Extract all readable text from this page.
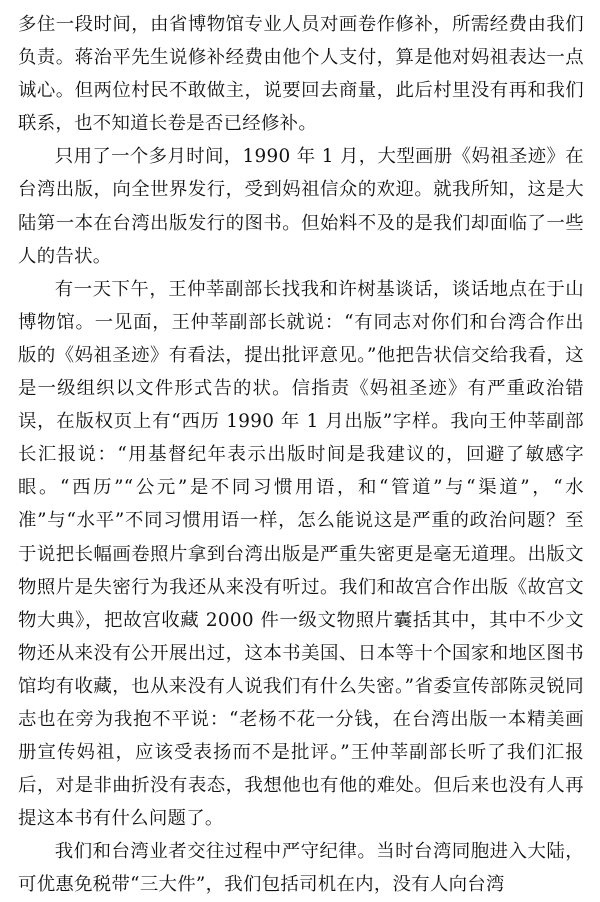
多住一段时间，由省博物馆专业人员对画卷作修补，所需经费由我们负责。蒋治平先生说修补经费由他个人支付，算是他对妈祖表达一点诚心。但两位村民不敢做主，说要回去商量，此后村里没有再和我们联系，也不知道长卷是否已经修补。

只用了一个多月时间，1990 年 1 月，大型画册《妈祖圣迹》在台湾出版，向全世界发行，受到妈祖信众的欢迎。就我所知，这是大陆第一本在台湾出版发行的图书。但始料不及的是我们却面临了一些人的告状。

有一天下午，王仲莘副部长找我和许树基谈话，谈话地点在于山博物馆。一见面，王仲莘副部长就说：“有同志对你们和台湾合作出版的《妈祖圣迹》有看法，提出批评意见。”他把告状信交给我看，这是一级组织以文件形式告的状。信指责《妈祖圣迹》有严重政治错误，在版权页上有“西历 1990 年 1 月出版”字样。我向王仲莘副部长汇报说：“用基督纪年表示出版时间是我建议的，回避了敏感字眼。“西历”“公元”是不同习惯用语，和“管道”与“渠道”，“水准”与“水平”不同习惯用语一样，怎么能说这是严重的政治问题？至于说把长幅画卷照片拿到台湾出版是严重失密更是毫无道理。出版文物照片是失密行为我还从来没有听过。我们和故宫合作出版《故宫文物大典》，把故宫收藏 2000 件一级文物照片囊括其中，其中不少文物还从来没有公开展出过，这本书美国、日本等十个国家和地区图书馆均有收藏，也从来没有人说我们有什么失密。”省委宣传部陈灵锐同志也在旁为我抱不平说：“老杨不花一分钱，在台湾出版一本精美画册宣传妈祖，应该受表扬而不是批评。”王仲莘副部长听了我们汇报后，对是非曲折没有表态，我想他也有他的难处。但后来也没有人再提这本书有什么问题了。

我们和台湾业者交往过程中严守纪律。当时台湾同胞进入大陆，可优惠免税带“三大件”，我们包括司机在内，没有人向台湾
